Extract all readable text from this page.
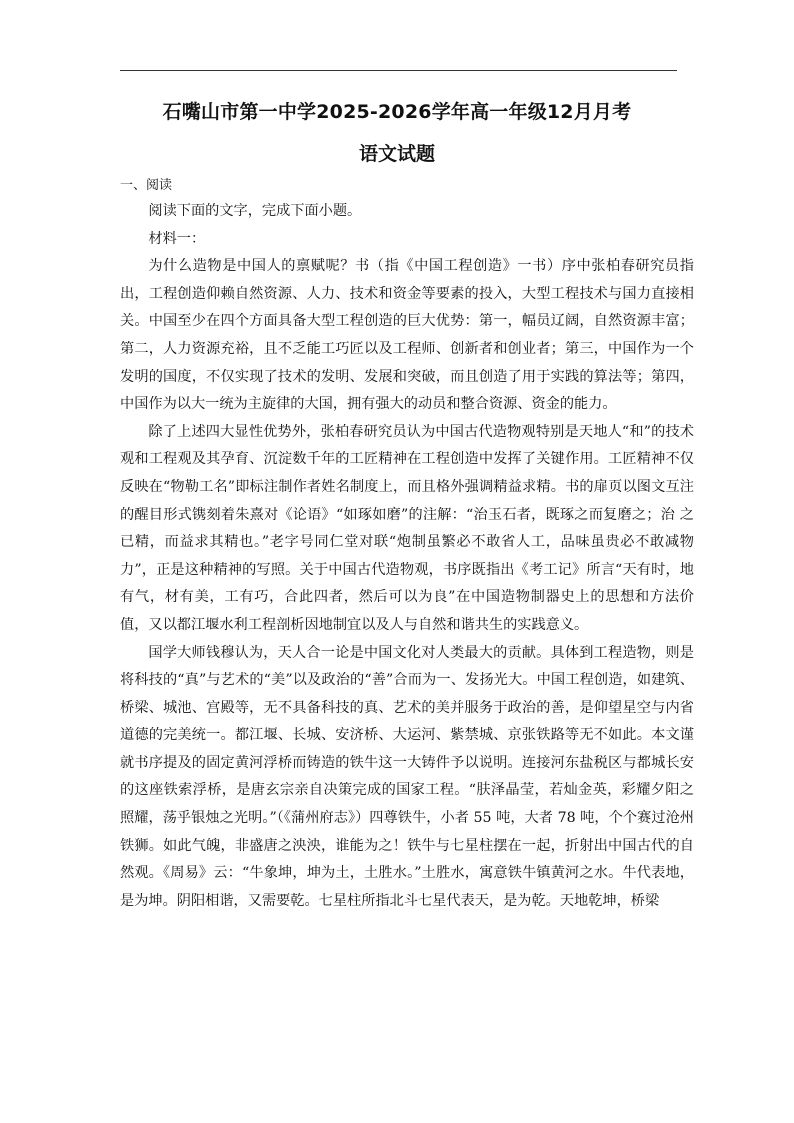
石嘴山市第一中学2025-2026学年高一年级12月月考
语文试题
一、阅读

阅读下面的文字，完成下面小题。

材料一：

为什么造物是中国人的禀赋呢？书（指《中国工程创造》一书）序中张柏春研究员指出，工程创造仰赖自然资源、人力、技术和资金等要素的投入，大型工程技术与国力直接相关。中国至少在四个方面具备大型工程创造的巨大优势：第一，幅员辽阔，自然资源丰富；第二，人力资源充裕，且不乏能工巧匠以及工程师、创新者和创业者；第三，中国作为一个发明的国度，不仅实现了技术的发明、发展和突破，而且创造了用于实践的算法等；第四，中国作为以大一统为主旋律的大国，拥有强大的动员和整合资源、资金的能力。

除了上述四大显性优势外，张柏春研究员认为中国古代造物观特别是天地人“和”的技术观和工程观及其孕育、沉淀数千年的工匠精神在工程创造中发挥了关键作用。工匠精神不仅反映在“物勒工名”即标注制作者姓名制度上，而且格外强调精益求精。书的扉页以图文互注的醒目形式镌刻着朱熹对《论语》“如琢如磨”的注解：“治玉石者，既琢之而复磨之；治 之已精，而益求其精也。”老字号同仁堂对联“炮制虽繁必不敢省人工，品味虽贵必不敢减物力”，正是这种精神的写照。关于中国古代造物观，书序既指出《考工记》所言“天有时，地有气，材有美，工有巧，合此四者，然后可以为良”在中国造物制器史上的思想和方法价值，又以都江堰水利工程剖析因地制宜以及人与自然和谐共生的实践意义。

国学大师钱穆认为，天人合一论是中国文化对人类最大的贡献。具体到工程造物，则是将科技的“真”与艺术的“美”以及政治的“善”合而为一、发扬光大。中国工程创造，如建筑、桥梁、城池、宫殿等，无不具备科技的真、艺术的美并服务于政治的善，是仰望星空与内省道德的完美统一。都江堰、长城、安济桥、大运河、紫禁城、京张铁路等无不如此。本文谨就书序提及的固定黄河浮桥而铸造的铁牛这一大铸件予以说明。连接河东盐税区与都城长安的这座铁索浮桥，是唐玄宗亲自决策完成的国家工程。“肤泽晶莹，若灿金英，彩耀夕阳之照耀，荡乎银烛之光明。”（《蒲州府志》）四尊铁牛，小者 55 吨，大者 78 吨，个个赛过沧州铁狮。如此气魄，非盛唐之泱泱，谁能为之！铁牛与七星柱摆在一起，折射出中国古代的自然观。《周易》云：“牛象坤，坤为土，土胜水。”土胜水，寓意铁牛镇黄河之水。牛代表地，是为坤。阴阳相谐，又需要乾。七星柱所指北斗七星代表天，是为乾。天地乾坤，桥梁
